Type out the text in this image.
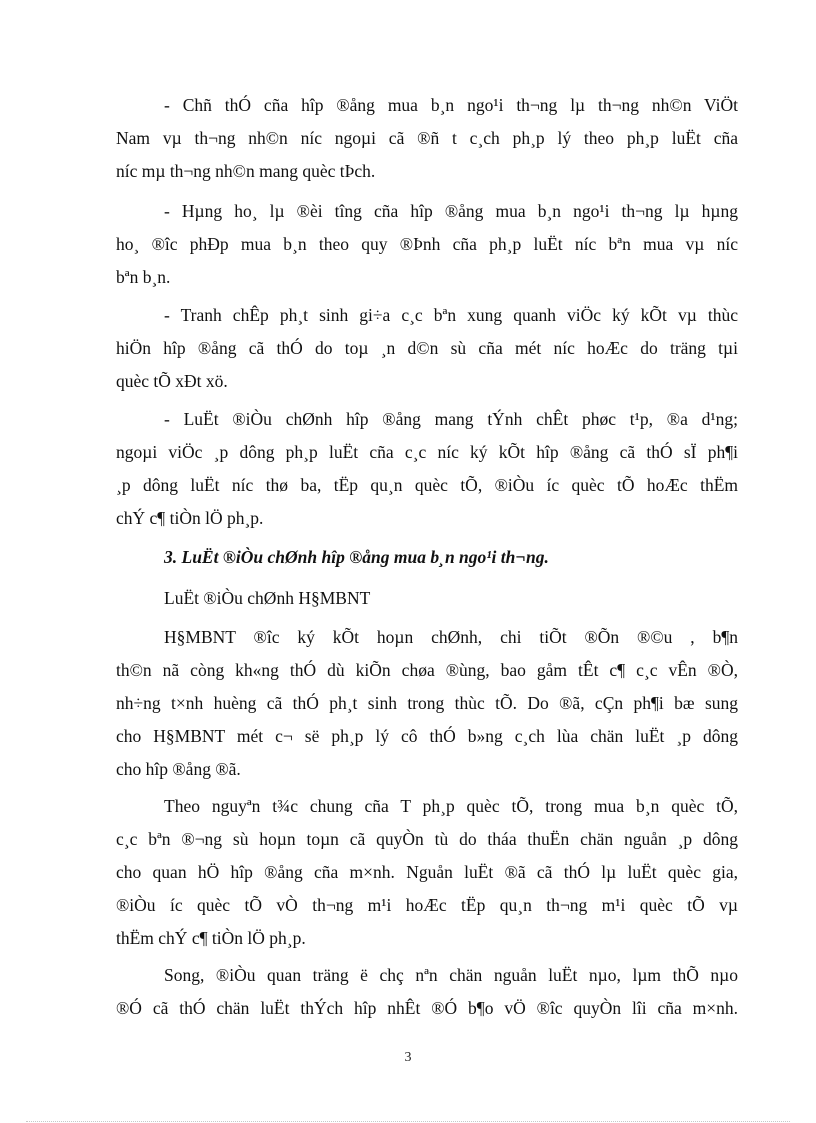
- Chñ thÓ cña hîp ®ång mua b¸n ngo¹i th¬ng lµ th¬ng nh©n ViÖt
Nam vµ th¬ng nh©n níc ngoµi cã ®ñ t c¸ch ph¸p lý theo ph¸p luËt cña
níc mµ th¬ng nh©n mang quèc tÞch.
- Hµng ho¸ lµ ®èi tîng cña hîp ®ång mua b¸n ngo¹i th¬ng lµ hµng
ho¸ ®îc phÐp mua b¸n theo quy ®Þnh cña ph¸p luËt níc bªn mua vµ níc
bªn b¸n.
- Tranh chÊp ph¸t sinh gi÷a c¸c bªn xung quanh viÖc ký kÕt vµ thùc
hiÖn hîp ®ång cã thÓ do toµ ¸n d©n sù cña mét níc hoÆc do träng tµi
quèc tÕ xÐt xö.
- LuËt ®iÒu chØnh hîp ®ång mang tÝnh chÊt phøc t¹p, ®a d¹ng;
ngoµi viÖc ¸p dông ph¸p luËt cña c¸c níc ký kÕt hîp ®ång cã thÓ sÏ ph¶i
¸p dông luËt níc thø ba, tËp qu¸n quèc tÕ, ®iÒu íc quèc tÕ hoÆc thËm
chÝ c¶ tiÒn lÖ ph¸p.
3. LuËt ®iÒu chØnh hîp ®ång mua b¸n ngo¹i th¬ng.
LuËt ®iÒu chØnh H§MBNT
H§MBNT ®îc ký kÕt hoµn chØnh, chi tiÕt ®Õn ®©u , b¶n
th©n nã còng kh«ng thÓ dù kiÕn chøa ®ùng, bao gåm tÊt c¶ c¸c vÊn ®Ò,
nh÷ng t×nh huèng cã thÓ ph¸t sinh trong thùc tÕ. Do ®ã, cÇn ph¶i bæ sung
cho H§MBNT mét c¬ së ph¸p lý cô thÓ b»ng c¸ch lùa chän luËt ¸p dông
cho hîp ®ång ®ã.
Theo nguyªn t¾c chung cña T ph¸p quèc tÕ, trong mua b¸n quèc tÕ,
c¸c bªn ®¬ng sù hoµn toµn cã quyÒn tù do tháa thuËn chän nguån ¸p dông
cho quan hÖ hîp ®ång cña m×nh. Nguån luËt ®ã cã thÓ lµ luËt quèc gia,
®iÒu íc quèc tÕ vÒ th¬ng m¹i hoÆc tËp qu¸n th¬ng m¹i quèc tÕ vµ
thËm chÝ c¶ tiÒn lÖ ph¸p.
Song, ®iÒu quan träng ë chç nªn chän nguån luËt nµo, lµm thÕ nµo
®Ó cã thÓ chän luËt thÝch hîp nhÊt ®Ó b¶o vÖ ®îc quyÒn lîi cña m×nh.
3
